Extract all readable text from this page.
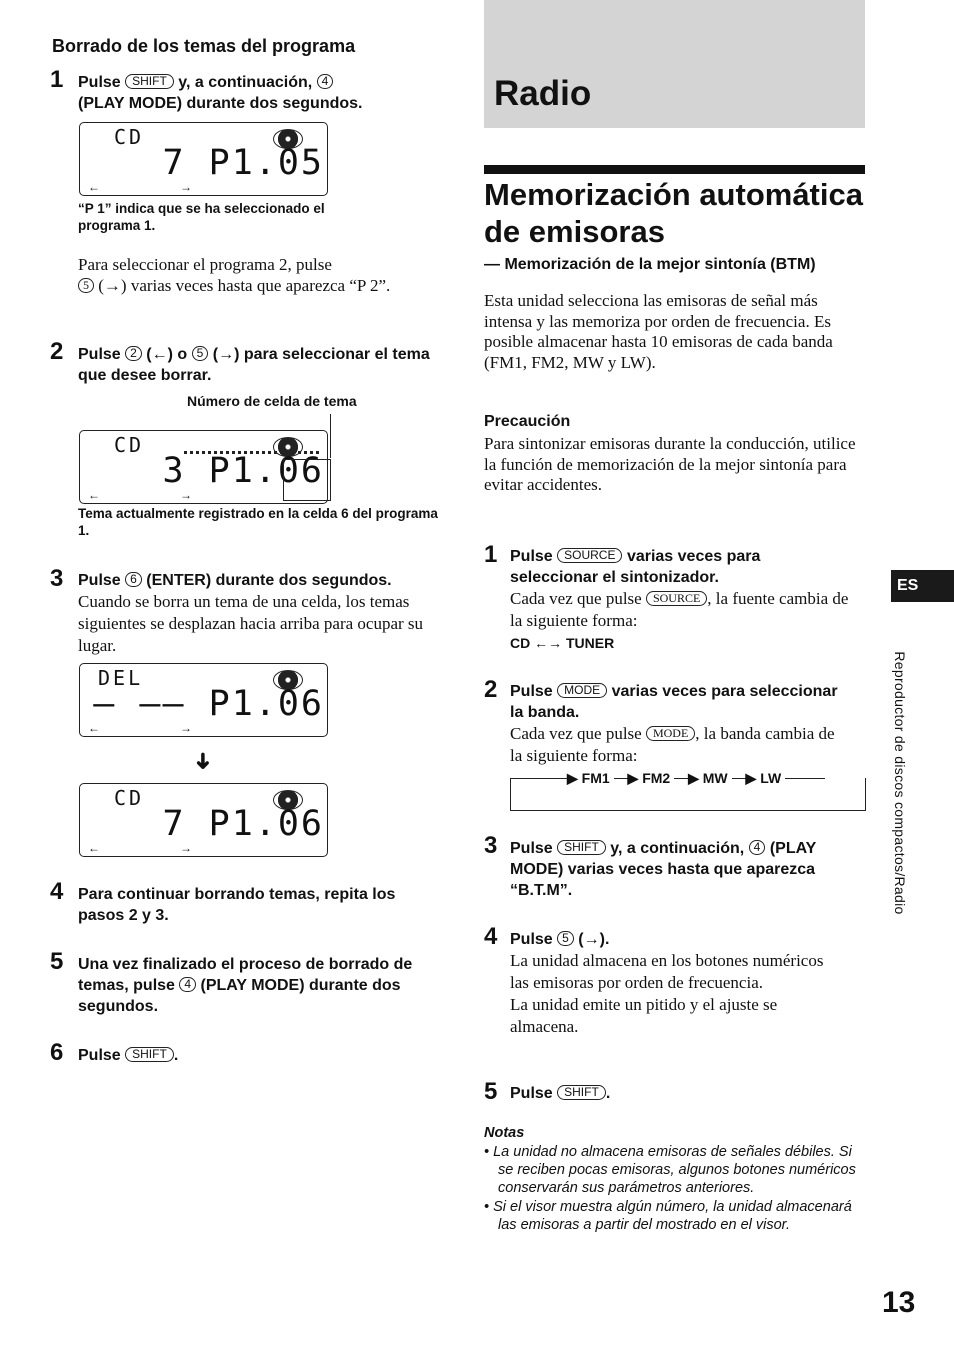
Borrado de los temas del programa
1 Pulse SHIFT y, a continuación, 4
(PLAY MODE) durante dos segundos.
CD
7 P1.05
←	→
“P 1” indica que se ha seleccionado el programa 1.
Para seleccionar el programa 2, pulse
5 (→) varias veces hasta que aparezca “P 2”.
2 Pulse 2 (←) o 5 (→) para seleccionar el tema que desee borrar.
Número de celda de tema
CD
3 P1.06
←	→
Tema actualmente registrado en la celda 6 del programa 1.
3 Pulse 6 (ENTER) durante dos segundos.
Cuando se borra un tema de una celda, los temas siguientes se desplazan hacia arriba para ocupar su lugar.
DEL
– –– P1.06
←	→
➜
CD
7 P1.06
←	→
4 Para continuar borrando temas, repita los pasos 2 y 3.
5 Una vez finalizado el proceso de borrado de temas, pulse 4 (PLAY MODE) durante dos segundos.
6 Pulse SHIFT .
Radio
Memorización automática de emisoras
— Memorización de la mejor sintonía (BTM)
Esta unidad selecciona las emisoras de señal más intensa y las memoriza por orden de frecuencia. Es posible almacenar hasta 10 emisoras de cada banda (FM1, FM2, MW y LW).
Precaución
Para sintonizar emisoras durante la conducción, utilice la función de memorización de la mejor sintonía para evitar accidentes.
1 Pulse SOURCE varias veces para seleccionar el sintonizador.
Cada vez que pulse SOURCE , la fuente cambia de la siguiente forma:
CD ←→ TUNER
2 Pulse MODE varias veces para seleccionar la banda.
Cada vez que pulse MODE , la banda cambia de la siguiente forma:
▶ FM1 ▶ FM2 ▶ MW ▶ LW
3 Pulse SHIFT y, a continuación, 4 (PLAY MODE) varias veces hasta que aparezca “B.T.M”.
4 Pulse 5 (→).
La unidad almacena en los botones numéricos las emisoras por orden de frecuencia.
La unidad emite un pitido y el ajuste se almacena.
5 Pulse SHIFT .
Notas
• La unidad no almacena emisoras de señales débiles. Si se reciben pocas emisoras, algunos botones numéricos conservarán sus parámetros anteriores.
• Si el visor muestra algún número, la unidad almacenará las emisoras a partir del mostrado en el visor.
ES
Reproductor de discos compactos/Radio
13
